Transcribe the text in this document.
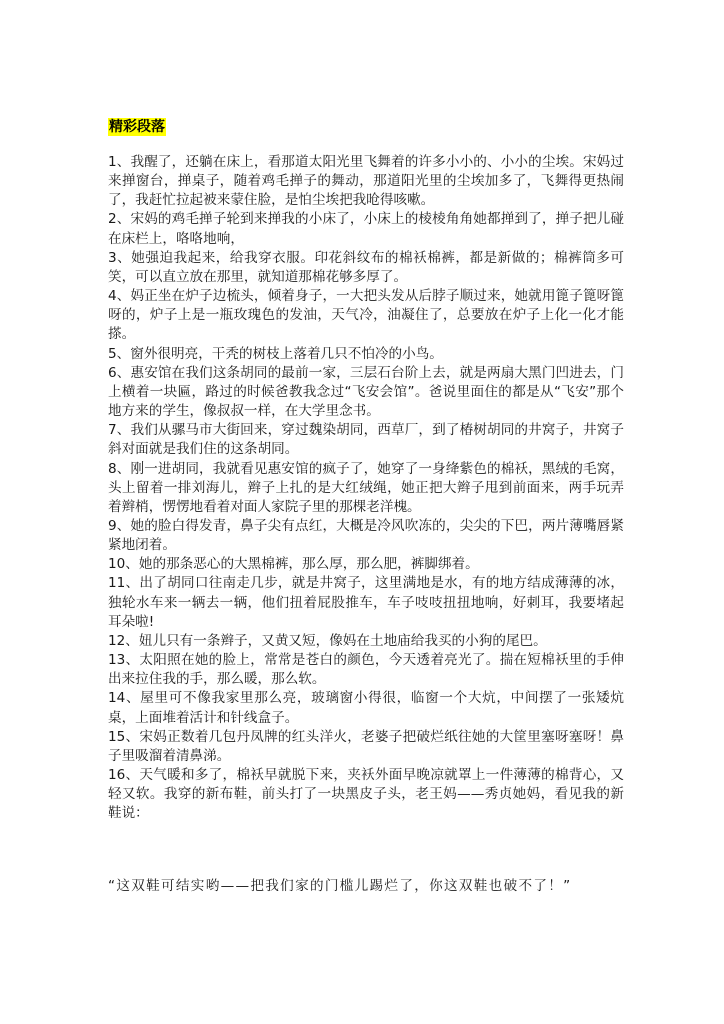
精彩段落

1、我醒了，还躺在床上，看那道太阳光里飞舞着的许多小小的、小小的尘埃。宋妈过来掸窗台，掸桌子，随着鸡毛掸子的舞动，那道阳光里的尘埃加多了，飞舞得更热闹了，我赶忙拉起被来蒙住脸，是怕尘埃把我呛得咳嗽。

2、宋妈的鸡毛掸子轮到来掸我的小床了，小床上的棱棱角角她都掸到了，掸子把儿碰在床栏上，咯咯地响，

3、她强迫我起来，给我穿衣服。印花斜纹布的棉袄棉裤，都是新做的；棉裤筒多可笑，可以直立放在那里，就知道那棉花够多厚了。

4、妈正坐在炉子边梳头，倾着身子，一大把头发从后脖子顺过来，她就用篦子篦呀篦呀的，炉子上是一瓶玫瑰色的发油，天气冷，油凝住了，总要放在炉子上化一化才能搽。

5、窗外很明亮，干秃的树枝上落着几只不怕冷的小鸟。

6、惠安馆在我们这条胡同的最前一家，三层石台阶上去，就是两扇大黑门凹进去，门上横着一块匾，路过的时候爸教我念过“飞安会馆”。爸说里面住的都是从“飞安”那个地方来的学生，像叔叔一样，在大学里念书。

7、我们从骡马市大街回来，穿过魏染胡同，西草厂，到了椿树胡同的井窝子，井窝子斜对面就是我们住的这条胡同。

8、刚一进胡同，我就看见惠安馆的疯子了，她穿了一身绛紫色的棉袄，黑绒的毛窝，头上留着一排刘海儿，辫子上扎的是大红绒绳，她正把大辫子甩到前面来，两手玩弄着辫梢，愣愣地看着对面人家院子里的那棵老洋槐。

9、她的脸白得发青，鼻子尖有点红，大概是冷风吹冻的，尖尖的下巴，两片薄嘴唇紧紧地闭着。

10、她的那条恶心的大黑棉裤，那么厚，那么肥，裤脚绑着。

11、出了胡同口往南走几步，就是井窝子，这里满地是水，有的地方结成薄薄的冰，独轮水车来一辆去一辆，他们扭着屁股推车，车子吱吱扭扭地响，好刺耳，我要堵起耳朵啦!

12、妞儿只有一条辫子，又黄又短，像妈在土地庙给我买的小狗的尾巴。

13、太阳照在她的脸上，常常是苍白的颜色，今天透着亮光了。揣在短棉袄里的手伸出来拉住我的手，那么暖，那么软。

14、屋里可不像我家里那么亮，玻璃窗小得很，临窗一个大炕，中间摆了一张矮炕桌，上面堆着活计和针线盒子。

15、宋妈正数着几包丹凤牌的红头洋火，老婆子把破烂纸往她的大筐里塞呀塞呀！鼻子里吸溜着清鼻涕。

16、天气暖和多了，棉袄早就脱下来，夹袄外面早晚凉就罩上一件薄薄的棉背心，又轻又软。我穿的新布鞋，前头打了一块黑皮子头，老王妈——秀贞她妈，看见我的新鞋说：

“这双鞋可结实哟——把我们家的门槛儿踢烂了，你这双鞋也破不了！”
